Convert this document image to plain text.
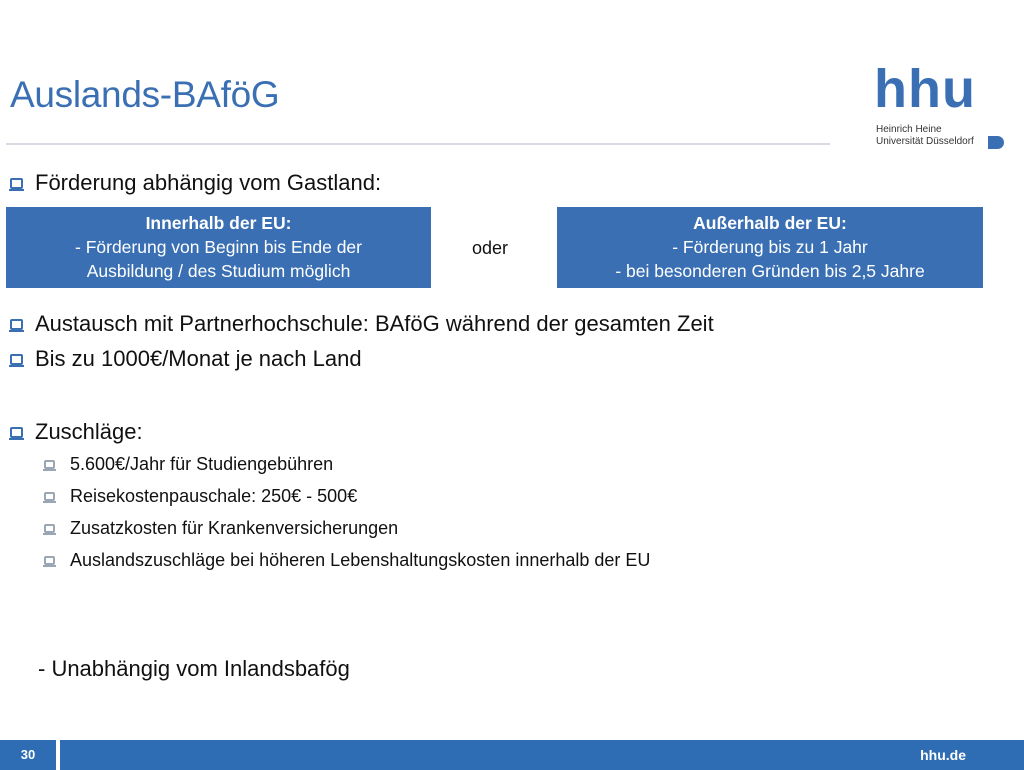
Auslands-BAföG	hhu
Heinrich Heine
Universität Düsseldorf
Förderung abhängig vom Gastland:
Innerhalb der EU:
- Förderung von Beginn bis Ende der
Ausbildung / des Studium möglich
oder
Außerhalb der EU:
- Förderung bis zu 1 Jahr
- bei besonderen Gründen bis 2,5 Jahre
Austausch mit Partnerhochschule: BAföG während der gesamten Zeit
Bis zu 1000€/Monat je nach Land
Zuschläge:
5.600€/Jahr für Studiengebühren
Reisekostenpauschale: 250€ - 500€
Zusatzkosten für Krankenversicherungen
Auslandszuschläge bei höheren Lebenshaltungskosten innerhalb der EU
- Unabhängig vom Inlandsbafög
30	hhu.de
